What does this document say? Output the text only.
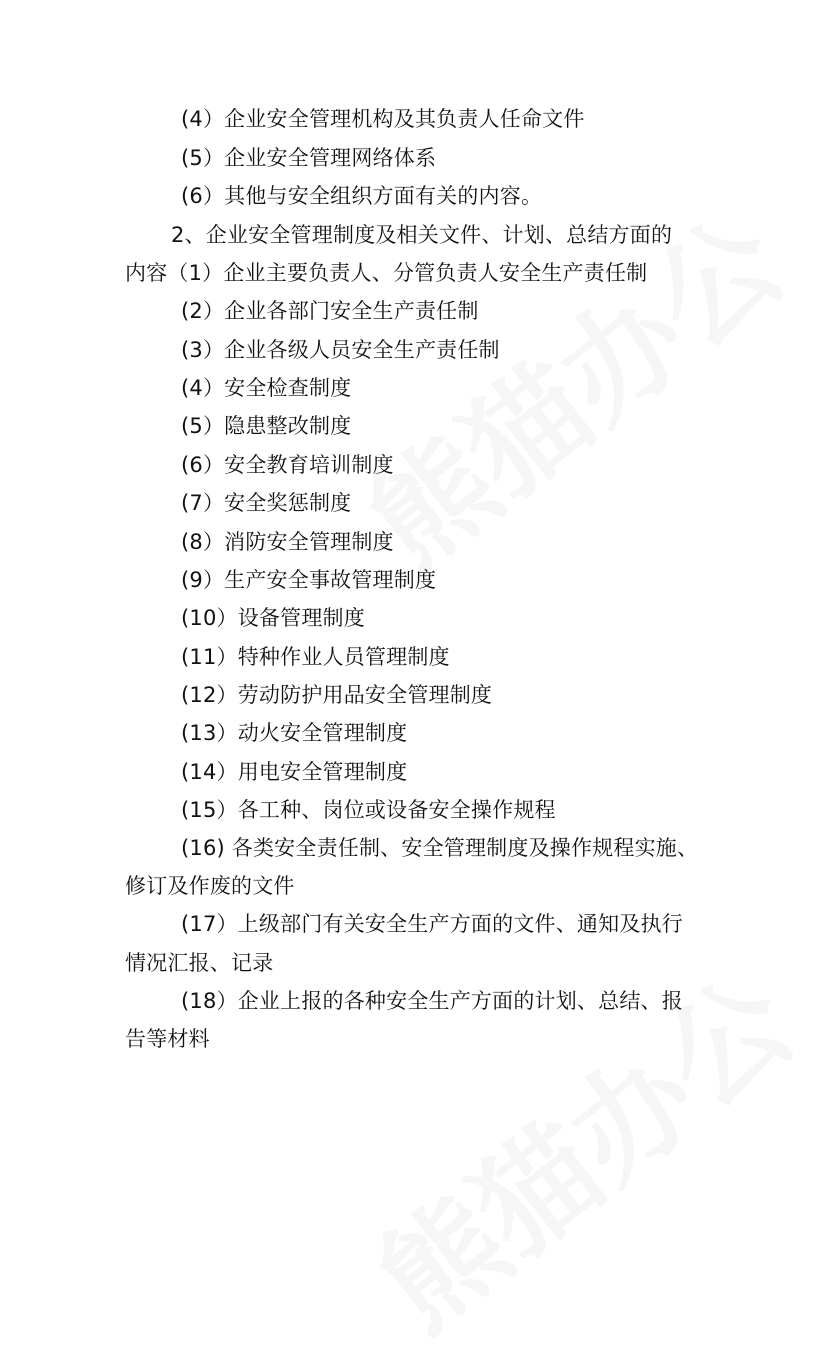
(4）企业安全管理机构及其负责人任命文件
(5）企业安全管理网络体系
(6）其他与安全组织方面有关的内容。
2、企业安全管理制度及相关文件、计划、总结方面的
内容（1）企业主要负责人、分管负责人安全生产责任制
(2）企业各部门安全生产责任制
(3）企业各级人员安全生产责任制
(4）安全检查制度
(5）隐患整改制度
(6）安全教育培训制度
(7）安全奖惩制度
(8）消防安全管理制度
(9）生产安全事故管理制度
(10）设备管理制度
(11）特种作业人员管理制度
(12）劳动防护用品安全管理制度
(13）动火安全管理制度
(14）用电安全管理制度
(15）各工种、岗位或设备安全操作规程
(16) 各类安全责任制、安全管理制度及操作规程实施、
修订及作废的文件
(17）上级部门有关安全生产方面的文件、通知及执行
情况汇报、记录
(18）企业上报的各种安全生产方面的计划、总结、报
告等材料
